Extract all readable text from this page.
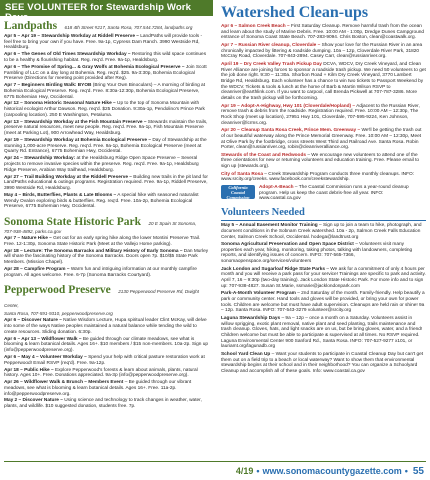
SEE VOLUNTEER for Stewardship Work Days
Landpaths 618 4th Street #217, Santa Rosa, 707.544.7284, landpaths.org
Apr 5 – Apr 19 – Stewardship Workday at Riddell Preserve – LandPaths will provide tools - feel free to bring your own if you have. Free. 9a-1p, Cypress Dam Ranch. 3990 Westside Rd, Healdsburg.
Apr 6 – The Genes of Old Times Stewardship Workday – Restoring this wild space continues to be a healthy & flourishing habitat. Reg. req'd. Free. 9a-1p, Healdsburg.
Apr 6 – The Promise of Spring... & Gray Wolfs at Bohemia Ecological Preserve – Join Scott Fambling of LLC on a day long at Bohemia. Reg. req'd. $25. 9a-3:30p, Bohemia Ecological Preserve (Directions for meeting point provided after Reg).
Apr 7 – Beginners Birding Walk: BYOB (Bring Your Own Binoculars) – A morning of birding at Bohemia Ecological Preserve. Reg. req'd. Free. 8:30a-12:30p, Bohemia Ecological Preserve, 6775 Bohemian Hwy, Occidental.
Apr 12 – Sonoma Historic Seasonal Nature Hike – Up to the top of Sonoma Mountain with historical ecologist Arthur Dawson. Reg. req'd. $25 Donation. 9:30a-1p, Pendolino's Prince Park (carpooling location). 250 E Washington, Petaluma.
Apr 13 – Stewardship Workday at the Fish Mountain Preserve – Stewards maintain the trails, preserve natural resources, meet new people. Reg. req'd. Free. 9a-1p, Fish Mountain Preserve (meet at Parking Lot), 900 Arrowhead Way, Healdsburg.
Apr 19 – Stewardship Workday at Bohemia Ecological Preserve – Day of Stewardship at the stunning 1,000-acre Preserve. Reg. req'd. Free. 9a-1p, Bohemia Ecological Preserve (meet at Quarry Rd. Entrance), 6775 Bohemian Hwy, Occidental.
Apr 24 – Stewardship Workday: at the Healdsburg Ridge Open Space Preserve – Several projects to remove invasive species within the preserve. Reg. req'd. Free. 9a-1p, Healdsburg Ridge Preserve, Arabian Way trailhead, Healdsburg.
Apr 27 – Trail Building Workday at the Riddell Preserve – Building new trails in the pit land for LandPaths educational & outings programs. Registration required. Free. 9a-1p, Riddell Preserve, 3990 Westside Rd, Healdsburg.
May 4 – Birds, Butterflies, Plants & Late Blooms – A special hike with seasoned naturalist Wendy Ovalon exploring birds & butterflies. Reg. req'd. Free. 10a-2p, Bohemia Ecological Preserve, 6775 Bohemian Hwy, Occidental.
Sonoma State Historic Park 20 E Spain St Sonoma,
707-938-4892, parks.ca.gov
Apr 7 – Nature Hike – Get out for an early spring hike along the lower Montini Preserve Trail. Free. 12-1:30p, Sonoma State Historic Park (Meet at the Vallejo Home parking).
Apr 18 – Lecture: The Sonoma Barracks and Military History of Early Sonoma – Dan Murley will share the fascinating history of the Sonoma Barracks. Doors open 7p. $10/$5 State Park Members. (Mission Chapel).
Apr 28 – Campfire Program – Warm fun and intriguing information at our monthly campfire program. All ages welcome. Free. 6-7p (Sonoma Barracks Courtyard).
Pepperwood Preserve 2130 Pepperwood Preserve Rd, Dwight Center,
Santa Rosa, 707-591-9310, pepperwoodpreserve.org
Apr 6 – Discover Nature – Native Wisdom Lecture, Hupa spiritual leader Clint McKay, will delve into some of the ways Native peoples maintained a natural balance while tending the wild to create resources. Sliding donation. 6:30p.
Apr 6 – Apr 13 – Wildflower Walk – Be guided through our climate meadows, see what is blooming & learn botanical details. Ages 16+. $10 members / $15 non-members. 10a-2p. Sign up (info@pepperwoodpreserve.org).
Apr 6 – May 4 – Volunteer Workday – Spend your help with critical pasture restoration work at Pepperwood! Email RSVP (req'd). Free. 9a-12p.
Apr 18 – Public Hike – Explore Pepperwood's forests & learn about animals, plants, natural history. Ages 10+. Free. Donations appreciated. 9a-3p (info@pepperwoodpreserve.org).
Apr 26 – Wildflower Walk & Brunch – Members Event – Be guided through our vibrant meadows, see what is blooming & learn botanical details. Ages 16+. Free. 11a-2p. info@pepperwoodpreserve.org.
May 2 – Discover Nature – Using science and technology to track changes in weather, water, plants, and wildlife. $10 suggested donation, students free. 7p.
Watershed Clean-ups
Apr 6 – Salmon Creek Beach – First Saturday Cleanup. Remove harmful trash from the ocean and learn about the study of Marine Debris. Free. 10:00 AM - 1:00p, Dredge Dunes Campground entrance of Sonoma Coast State Beach. 707-283-9094. Chris Boston, clean@coastwalk.org.
Apr 7 – Russian River cleanup, Cloverdale – Show your love for the Russian River in an area chronically impacted by littering & roadside dumping. 10a – 12p, Cloverdale River Park, 31820 McCray Road, Cloverdale. 707-843-2894. Casey Carr, clean@russianriver.org.
April 19 – Dry Creek Valley Trash Pickup Day DCVA, WDCV, Dry Creek Vineyard, and Clean River Alliance are joining forces to sponsor a roadside trash pickup. We need 50 volunteers to get the job done right. 9:30 – 11:30a. Shorbon Road + Kilm Dry Creek Vineyard, 3770 Lambert Bridge Rd, Healdsburg. Each volunteer has a chance to win two tickets to Passport Weekend by the WDCV. Tickets & tools & lunch at the home of Barb & Martin Wilson RSVP to cleanriver@earthlink.com. If you want to carpool, call Brenda Pickwell at 707-787-3286. More details on the trash pickup will be forthcoming.
Apr 19 – Adopt-A-Highway, Hwy 101 (Cloverdale/Hopland) – Adjacent to the Russian River, remove trash & debris from the roadside. Registration required. Free. 10:00 AM – 12:30p, The Rock Shop (meet up location), 27951 Hwy 101, Cloverdale, 707-595-9224, Ken Johnson, cleanriver@lcrms.org.
Apr 20 – Cleanup Santa Rosa Creek, Prince Mem. Greenway – We'll be getting the trash out of our beautiful waterway along the Prince Memorial Greenway. Free. 10:00 AM – 12:30p, Meet at Olive Park by the footbridge, cross streets West Third and Railroad Ave. Santa Rosa. Robin Porter, clean@russianriver.org, robin@cleanriveralliance.org.
Stewards of the Coast and Redwoods – We encourage new volunteers to attend one of the three orientations for new or returning volunteers and education training. Free. Please email to sign up (stewards.org).
City of Santa Rosa – Creek Stewardship Program conducts three monthly cleanups. INFO: www.srcity.org/creeks. www.facebook.com/creekstewardship.
California Coastal Commission
Adopt-A-Beach – The Coastal Commission runs a year-round cleanup program. Help us keep the coast debris-free all year. INFO: www.coastal.ca.gov
Volunteers Needed
May 5 – Annual Easement Monitor Training – Sign up to join a team to hike, photograph, and document conditions in the Sobnam Creek watershed. 10a - 2p, Salmon Creek Falls Education Center, Salmon Creek School, Occidental. hodega@landtrust.org
Sonoma Agricultural Preservation and Open Space District – Volunteers visit many properties each year, hiking, monitoring, taking photos, talking with landowners, completing reports, and identifying issues of concern. INFO: 707-565-7366, sonomaopenspace.org/services/volunteers
Jack London and Sugarloaf Ridge State Parks – We ask for a commitment of only 4 hours per month and you will receive a park pass for your service! Trainings are specific to park and activity. April 7, 16 – 9:30p (two-day training). Jack London State Historic Park. For more info and to sign up: 707-938-4827. Susan St.Marie, ssmarie@jacklondonpark.com
Park-A-Month Volunteer Program – 2nd Saturday of the month. Family-friendly. Help beautify a park or community center. Hand tools and gloves will be provided, or bring your own for power tools. Children are welcome but must have adult supervision. Cleanups are held rain or shine! 9a – 12p. Santa Rosa. INFO: 707-543-3279 volunteer@srcity.org
Laguna Stewardship Days – 9a – 12p – once a month on a Saturday. Volunteers assist in willow sprigging, exotic plant removal, native plant and seed planting, trails maintenance and trash cleanup. Gloves, hats, and light snacks are on us, but be bring gloves, water, and a friend! Children welcome but must be able to participate & supervised at all times. No RSVP required. Laguna Environmental Center 900 Sanford Rd., Santa Rosa. INFO: 707-527-9277 x101, or lauriamt.org/lagunadb.org
School Yard Clean Up – Want your students to participate in Coastal Cleanup Day but can't get them out on a field trip to a beach or local waterway? Want to show them that environmental stewardship begins at their school and in their neighborhood? You can organize a Schoolyard Cleanup and accomplish all of these goals. Info: www.coastal.ca.gov
4/19 • www.sonomacountygazette.com • 55
